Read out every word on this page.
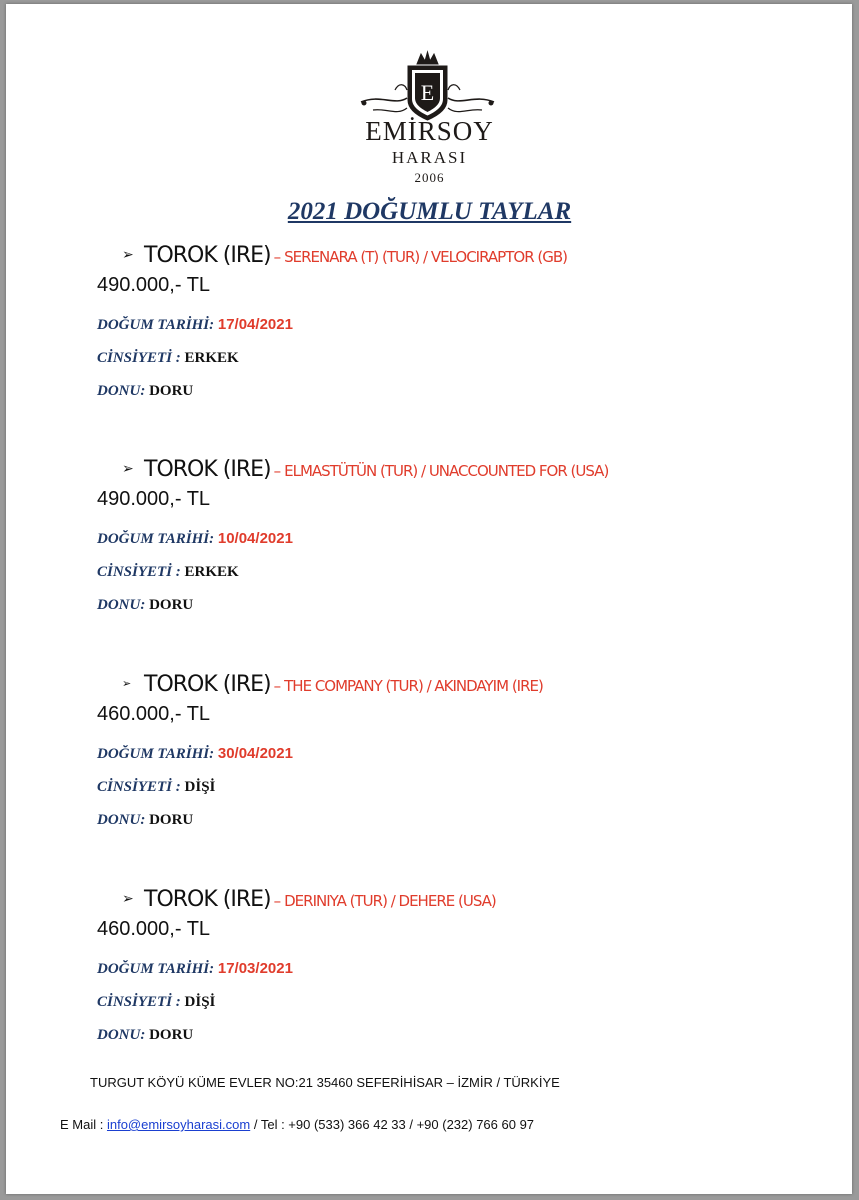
E
EMİRSOY
HARASI
2006
2021 DOĞUMLU TAYLAR
➢ TOROK (IRE) – SERENARA (T) (TUR) / VELOCIRAPTOR (GB)
490.000,- TL
DOĞUM TARİHİ: 17/04/2021
CİNSİYETİ : ERKEK
DONU: DORU
➢ TOROK (IRE) – ELMASTÜTÜN (TUR) / UNACCOUNTED FOR (USA)
490.000,- TL
DOĞUM TARİHİ: 10/04/2021
CİNSİYETİ : ERKEK
DONU: DORU
➢ TOROK (IRE) – THE COMPANY (TUR) / AKINDAYIM (IRE)
460.000,- TL
DOĞUM TARİHİ: 30/04/2021
CİNSİYETİ : DİŞİ
DONU: DORU
➢ TOROK (IRE) – DERINIYA (TUR) / DEHERE (USA)
460.000,- TL
DOĞUM TARİHİ: 17/03/2021
CİNSİYETİ : DİŞİ
DONU: DORU
TURGUT KÖYÜ KÜME EVLER NO:21 35460 SEFERİHİSAR – İZMİR / TÜRKİYE
E Mail : info@emirsoyharasi.com / Tel : +90 (533) 366 42 33 / +90 (232) 766 60 97
